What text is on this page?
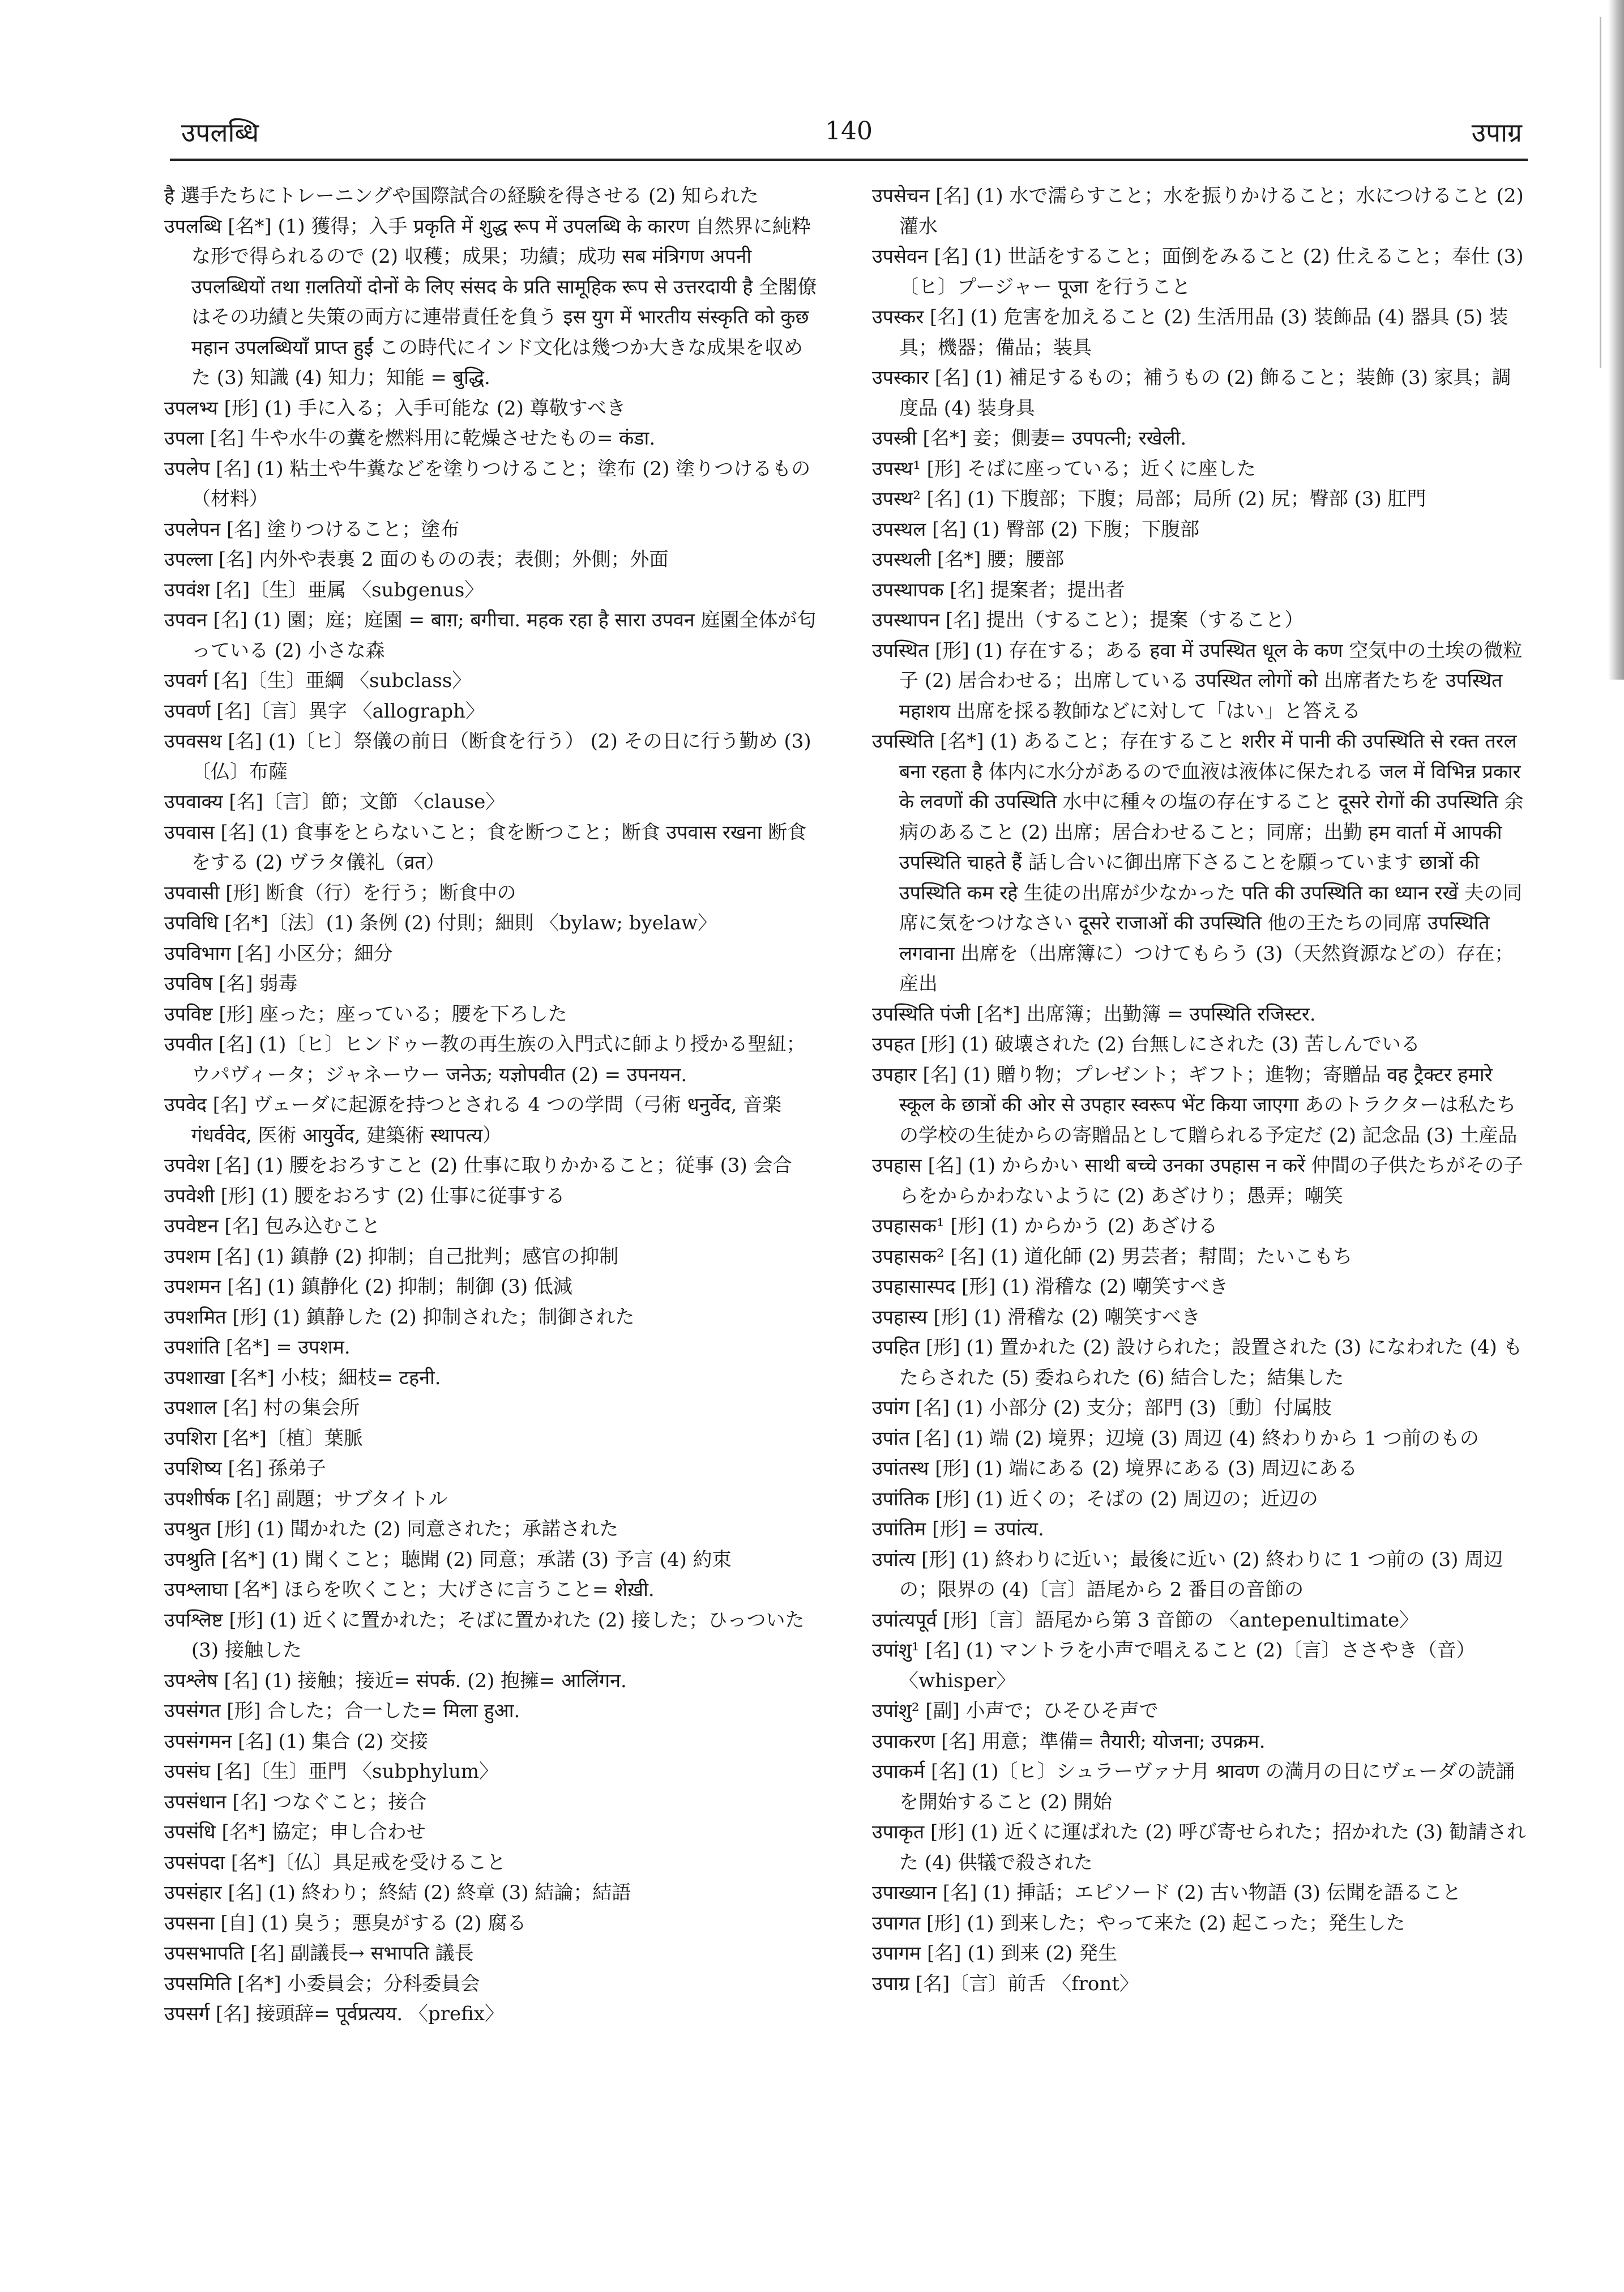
उपलब्धि	140	उपाग्र

है 選手たちにトレーニングや国際試合の経験を得させる (2) 知られた

उपलब्धि [名*] (1) 獲得；入手 प्रकृति में शुद्ध रूप में उपलब्धि के कारण 自然界に純粋な形で得られるので (2) 収穫；成果；功績；成功 सब मंत्रिगण अपनी उपलब्धियों तथा ग़लतियों दोनों के लिए संसद के प्रति सामूहिक रूप से उत्तरदायी है 全閣僚はその功績と失策の両方に連帯責任を負う इस युग में भारतीय संस्कृति को कुछ महान उपलब्धियाँ प्राप्त हुईं この時代にインド文化は幾つか大きな成果を収めた (3) 知識 (4) 知力；知能 = बुद्धि.

उपलभ्य [形] (1) 手に入る；入手可能な (2) 尊敬すべき

उपला [名] 牛や水牛の糞を燃料用に乾燥させたもの= कंडा.

उपलेप [名] (1) 粘土や牛糞などを塗りつけること；塗布 (2) 塗りつけるもの（材料）

उपलेपन [名] 塗りつけること；塗布

उपल्ला [名] 内外や表裏 2 面のものの表；表側；外側；外面

उपवंश [名]〔生〕亜属 〈subgenus〉

उपवन [名] (1) 園；庭；庭園 = बाग़; बगीचा. महक रहा है सारा उपवन 庭園全体が匂っている (2) 小さな森

उपवर्ग [名]〔生〕亜綱 〈subclass〉

उपवर्ण [名]〔言〕異字 〈allograph〉

उपवसथ [名] (1)〔ヒ〕祭儀の前日（断食を行う） (2) その日に行う勤め (3)〔仏〕布薩

उपवाक्य [名]〔言〕節；文節 〈clause〉

उपवास [名] (1) 食事をとらないこと；食を断つこと；断食 उपवास रखना 断食をする (2) ヴラタ儀礼（व्रत）

उपवासी [形] 断食（行）を行う；断食中の

उपविधि [名*]〔法〕(1) 条例 (2) 付則；細則 〈bylaw; byelaw〉

उपविभाग [名] 小区分；細分

उपविष [名] 弱毒

उपविष्ट [形] 座った；座っている；腰を下ろした

उपवीत [名] (1)〔ヒ〕ヒンドゥー教の再生族の入門式に師より授かる聖紐；ウパヴィータ；ジャネーウー जनेऊ; यज्ञोपवीत (2) = उपनयन.

उपवेद [名] ヴェーダに起源を持つとされる 4 つの学問（弓術 धनुर्वेद, 音楽 गंधर्ववेद, 医術 आयुर्वेद, 建築術 स्थापत्य）

उपवेश [名] (1) 腰をおろすこと (2) 仕事に取りかかること；従事 (3) 会合

उपवेशी [形] (1) 腰をおろす (2) 仕事に従事する

उपवेष्टन [名] 包み込むこと

उपशम [名] (1) 鎮静 (2) 抑制；自己批判；感官の抑制

उपशमन [名] (1) 鎮静化 (2) 抑制；制御 (3) 低減

उपशमित [形] (1) 鎮静した (2) 抑制された；制御された

उपशांति [名*] = उपशम.

उपशाखा [名*] 小枝；細枝= टहनी.

उपशाल [名] 村の集会所

उपशिरा [名*]〔植〕葉脈

उपशिष्य [名] 孫弟子

उपशीर्षक [名] 副題；サブタイトル

उपश्रुत [形] (1) 聞かれた (2) 同意された；承諾された

उपश्रुति [名*] (1) 聞くこと；聴聞 (2) 同意；承諾 (3) 予言 (4) 約束

उपश्लाघा [名*] ほらを吹くこと；大げさに言うこと= शेख़ी.

उपश्लिष्ट [形] (1) 近くに置かれた；そばに置かれた (2) 接した；ひっついた (3) 接触した

उपश्लेष [名] (1) 接触；接近= संपर्क. (2) 抱擁= आलिंगन.

उपसंगत [形] 合した；合一した= मिला हुआ.

उपसंगमन [名] (1) 集合 (2) 交接

उपसंघ [名]〔生〕亜門 〈subphylum〉

उपसंधान [名] つなぐこと；接合

उपसंधि [名*] 協定；申し合わせ

उपसंपदा [名*]〔仏〕具足戒を受けること

उपसंहार [名] (1) 終わり；終結 (2) 終章 (3) 結論；結語

उपसना [自] (1) 臭う；悪臭がする (2) 腐る

उपसभापति [名] 副議長→ सभापति 議長

उपसमिति [名*] 小委員会；分科委員会

उपसर्ग [名] 接頭辞= पूर्वप्रत्यय. 〈prefix〉

उपसेचन [名] (1) 水で濡らすこと；水を振りかけること；水につけること (2) 灌水

उपसेवन [名] (1) 世話をすること；面倒をみること (2) 仕えること；奉仕 (3)〔ヒ〕プージャー पूजा を行うこと

उपस्कर [名] (1) 危害を加えること (2) 生活用品 (3) 装飾品 (4) 器具 (5) 装具；機器；備品；装具

उपस्कार [名] (1) 補足するもの；補うもの (2) 飾ること；装飾 (3) 家具；調度品 (4) 装身具

उपस्त्री [名*] 妾；側妻= उपपत्नी; रखेली.

उपस्थ¹ [形] そばに座っている；近くに座した

उपस्थ² [名] (1) 下腹部；下腹；局部；局所 (2) 尻；臀部 (3) 肛門

उपस्थल [名] (1) 臀部 (2) 下腹；下腹部

उपस्थली [名*] 腰；腰部

उपस्थापक [名] 提案者；提出者

उपस्थापन [名] 提出（すること）；提案（すること）

उपस्थित [形] (1) 存在する；ある हवा में उपस्थित धूल के कण 空気中の土埃の微粒子 (2) 居合わせる；出席している उपस्थित लोगों को 出席者たちを उपस्थित महाशय 出席を採る教師などに対して「はい」と答える

उपस्थिति [名*] (1) あること；存在すること शरीर में पानी की उपस्थिति से रक्त तरल बना रहता है 体内に水分があるので血液は液体に保たれる जल में विभिन्न प्रकार के लवणों की उपस्थिति 水中に種々の塩の存在すること दूसरे रोगों की उपस्थिति 余病のあること (2) 出席；居合わせること；同席；出勤 हम वार्ता में आपकी उपस्थिति चाहते हैं 話し合いに御出席下さることを願っています छात्रों की उपस्थिति कम रहे 生徒の出席が少なかった पति की उपस्थिति का ध्यान रखें 夫の同席に気をつけなさい दूसरे राजाओं की उपस्थिति 他の王たちの同席 उपस्थिति लगवाना 出席を（出席簿に）つけてもらう (3)（天然資源などの）存在；産出

उपस्थिति पंजी [名*] 出席簿；出勤簿 = उपस्थिति रजिस्टर.

उपहत [形] (1) 破壊された (2) 台無しにされた (3) 苦しんでいる

उपहार [名] (1) 贈り物；プレゼント；ギフト；進物；寄贈品 वह ट्रैक्टर हमारे स्कूल के छात्रों की ओर से उपहार स्वरूप भेंट किया जाएगा あのトラクターは私たちの学校の生徒からの寄贈品として贈られる予定だ (2) 記念品 (3) 土産品

उपहास [名] (1) からかい साथी बच्चे उनका उपहास न करें 仲間の子供たちがその子らをからかわないように (2) あざけり；愚弄；嘲笑

उपहासक¹ [形] (1) からかう (2) あざける

उपहासक² [名] (1) 道化師 (2) 男芸者；幇間；たいこもち

उपहासास्पद [形] (1) 滑稽な (2) 嘲笑すべき

उपहास्य [形] (1) 滑稽な (2) 嘲笑すべき

उपहित [形] (1) 置かれた (2) 設けられた；設置された (3) になわれた (4) もたらされた (5) 委ねられた (6) 結合した；結集した

उपांग [名] (1) 小部分 (2) 支分；部門 (3)〔動〕付属肢

उपांत [名] (1) 端 (2) 境界；辺境 (3) 周辺 (4) 終わりから 1 つ前のもの

उपांतस्थ [形] (1) 端にある (2) 境界にある (3) 周辺にある

उपांतिक [形] (1) 近くの；そばの (2) 周辺の；近辺の

उपांतिम [形] = उपांत्य.

उपांत्य [形] (1) 終わりに近い；最後に近い (2) 終わりに 1 つ前の (3) 周辺の；限界の (4)〔言〕語尾から 2 番目の音節の

उपांत्यपूर्व [形]〔言〕語尾から第 3 音節の 〈antepenultimate〉

उपांशु¹ [名] (1) マントラを小声で唱えること (2)〔言〕ささやき（音） 〈whisper〉

उपांशु² [副] 小声で；ひそひそ声で

उपाकरण [名] 用意；準備= तैयारी; योजना; उपक्रम.

उपाकर्म [名] (1)〔ヒ〕シュラーヴァナ月 श्रावण の満月の日にヴェーダの読誦を開始すること (2) 開始

उपाकृत [形] (1) 近くに運ばれた (2) 呼び寄せられた；招かれた (3) 勧請された (4) 供犠で殺された

उपाख्यान [名] (1) 挿話；エピソード (2) 古い物語 (3) 伝聞を語ること

उपागत [形] (1) 到来した；やって来た (2) 起こった；発生した

उपागम [名] (1) 到来 (2) 発生

उपाग्र [名]〔言〕前舌 〈front〉
